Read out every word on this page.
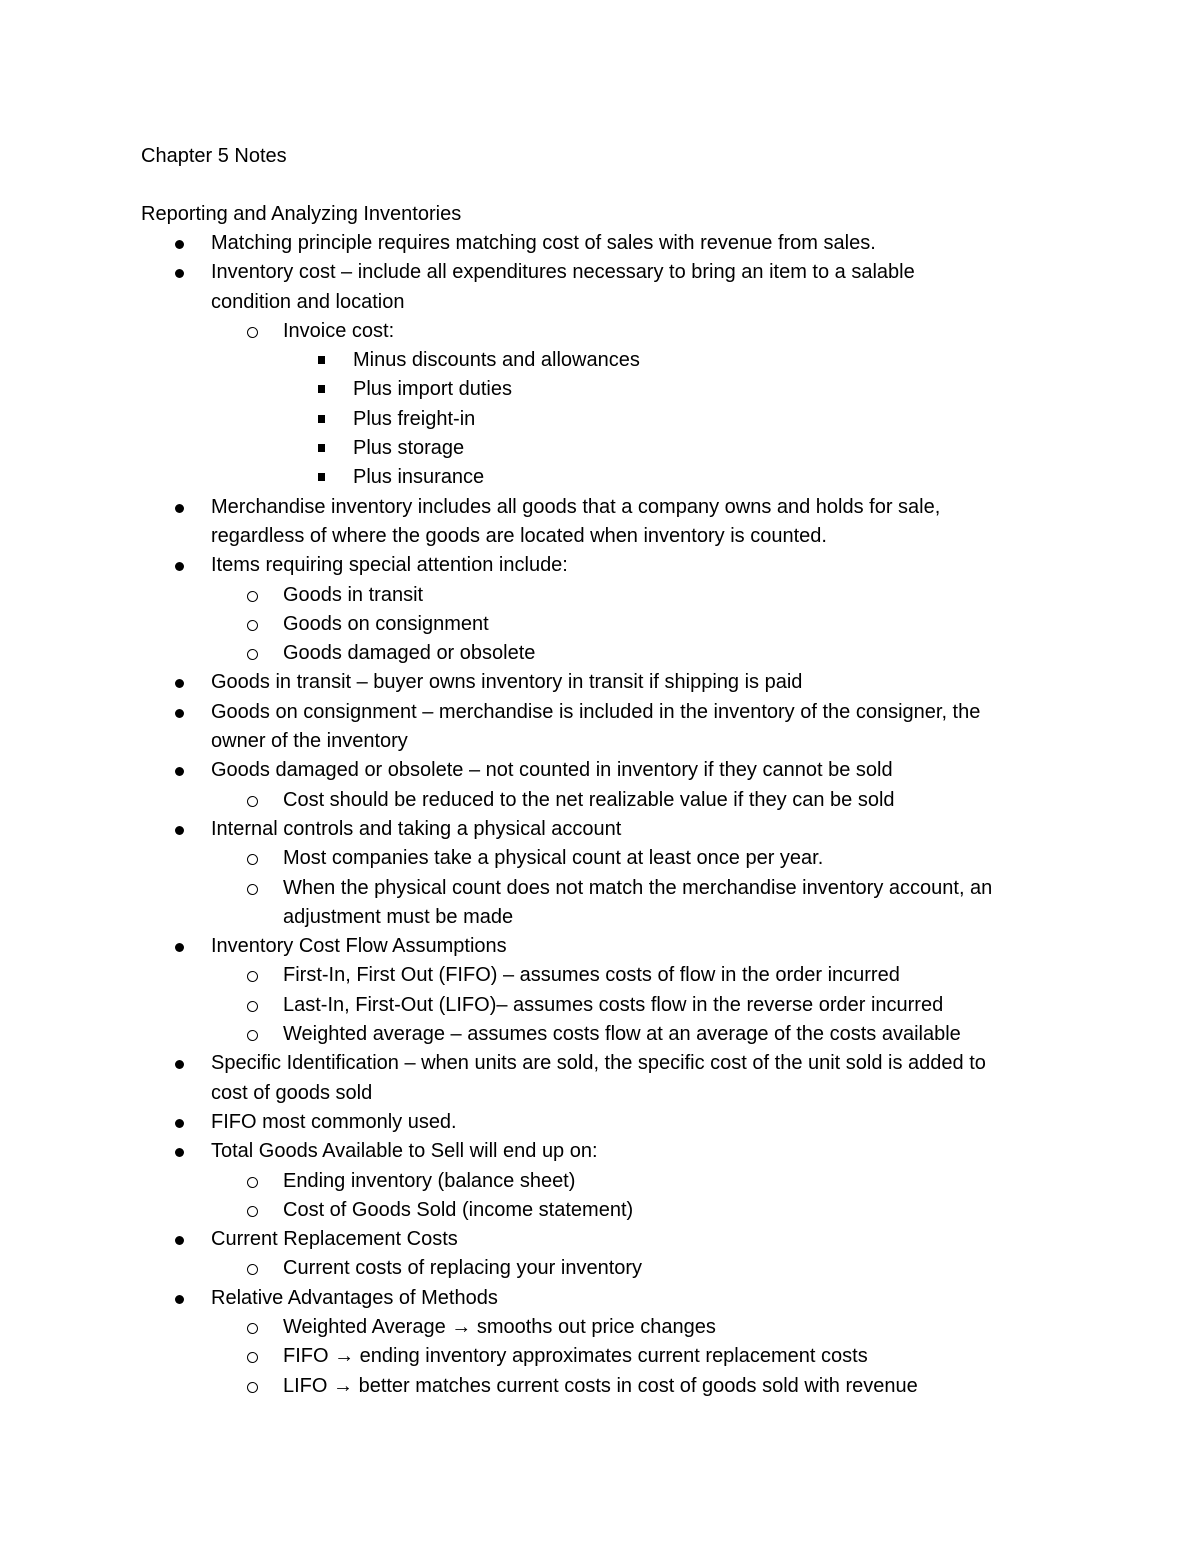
Chapter 5 Notes
Reporting and Analyzing Inventories
Matching principle requires matching cost of sales with revenue from sales.
Inventory cost – include all expenditures necessary to bring an item to a salable
condition and location
Invoice cost:
Minus discounts and allowances
Plus import duties
Plus freight-in
Plus storage
Plus insurance
Merchandise inventory includes all goods that a company owns and holds for sale,
regardless of where the goods are located when inventory is counted.
Items requiring special attention include:
Goods in transit
Goods on consignment
Goods damaged or obsolete
Goods in transit – buyer owns inventory in transit if shipping is paid
Goods on consignment – merchandise is included in the inventory of the consigner, the
owner of the inventory
Goods damaged or obsolete – not counted in inventory if they cannot be sold
Cost should be reduced to the net realizable value if they can be sold
Internal controls and taking a physical account
Most companies take a physical count at least once per year.
When the physical count does not match the merchandise inventory account, an
adjustment must be made
Inventory Cost Flow Assumptions
First-In, First Out (FIFO) – assumes costs of flow in the order incurred
Last-In, First-Out (LIFO)– assumes costs flow in the reverse order incurred
Weighted average – assumes costs flow at an average of the costs available
Specific Identification – when units are sold, the specific cost of the unit sold is added to
cost of goods sold
FIFO most commonly used.
Total Goods Available to Sell will end up on:
Ending inventory (balance sheet)
Cost of Goods Sold (income statement)
Current Replacement Costs
Current costs of replacing your inventory
Relative Advantages of Methods
Weighted Average → smooths out price changes
FIFO → ending inventory approximates current replacement costs
LIFO → better matches current costs in cost of goods sold with revenue
